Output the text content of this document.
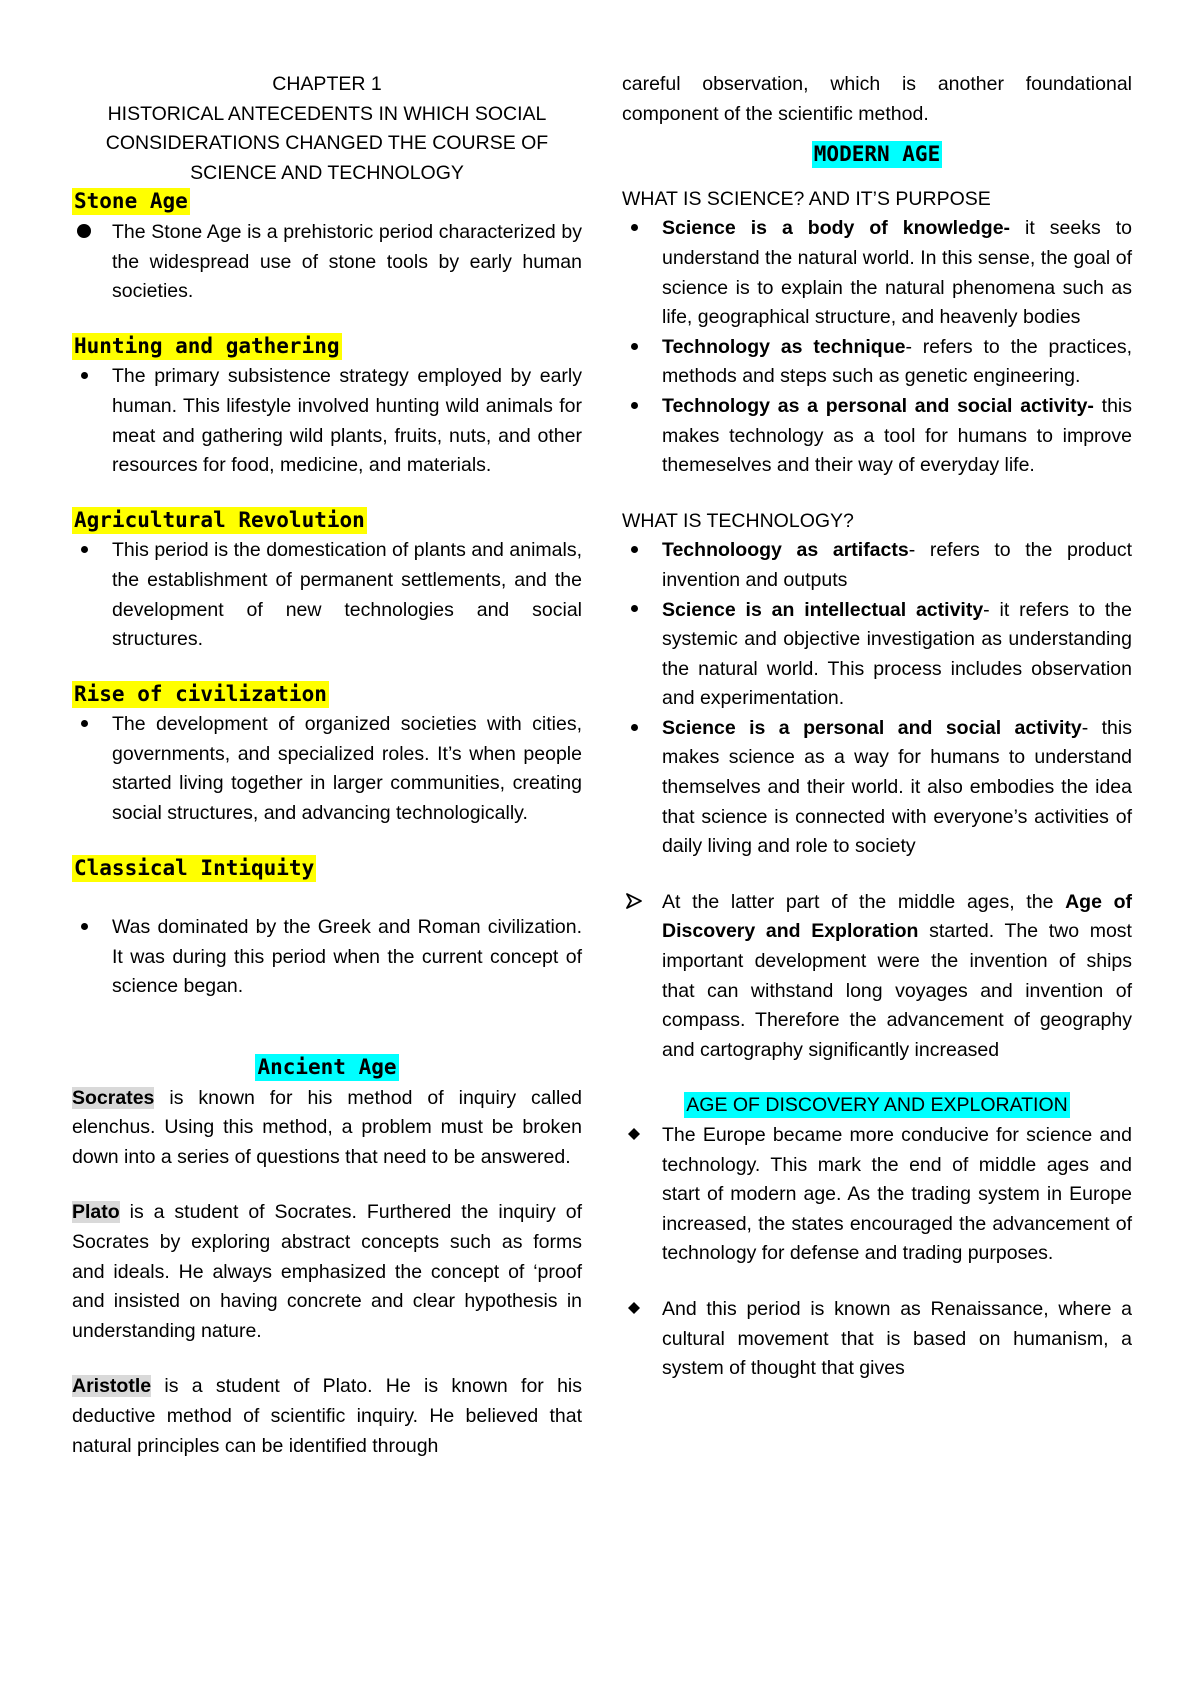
CHAPTER 1

HISTORICAL ANTECEDENTS IN WHICH SOCIAL CONSIDERATIONS CHANGED THE COURSE OF SCIENCE AND TECHNOLOGY

Stone Age

The Stone Age is a prehistoric period characterized by the widespread use of stone tools by early human societies.

Hunting and gathering

The primary subsistence strategy employed by early human. This lifestyle involved hunting wild animals for meat and gathering wild plants, fruits, nuts, and other resources for food, medicine, and materials.

Agricultural Revolution

This period is the domestication of plants and animals, the establishment of permanent settlements, and the development of new technologies and social structures.

Rise of civilization

The development of organized societies with cities, governments, and specialized roles. It’s when people started living together in larger communities, creating social structures, and advancing technologically.

Classical Intiquity

Was dominated by the Greek and Roman civilization. It was during this period when the current concept of science began.

Ancient Age

Socrates is known for his method of inquiry called elenchus. Using this method, a problem must be broken down into a series of questions that need to be answered.

Plato is a student of Socrates. Furthered the inquiry of Socrates by exploring abstract concepts such as forms and ideals. He always emphasized the concept of ‘proof and insisted on having concrete and clear hypothesis in understanding nature.

Aristotle is a student of Plato. He is known for his deductive method of scientific inquiry. He believed that natural principles can be identified through

careful observation, which is another foundational component of the scientific method.

MODERN AGE

WHAT IS SCIENCE? AND IT’S PURPOSE

Science is a body of knowledge- it seeks to understand the natural world. In this sense, the goal of science is to explain the natural phenomena such as life, geographical structure, and heavenly bodies
Technology as technique- refers to the practices, methods and steps such as genetic engineering.
Technology as a personal and social activity- this makes technology as a tool for humans to improve themeselves and their way of everyday life.

WHAT IS TECHNOLOGY?

Technoloogy as artifacts- refers to the product invention and outputs
Science is an intellectual activity- it refers to the systemic and objective investigation as understanding the natural world. This process includes observation and experimentation.
Science is a personal and social activity- this makes science as a way for humans to understand themselves and their world. it also embodies the idea that science is connected with everyone’s activities of daily living and role to society
At the latter part of the middle ages, the Age of Discovery and Exploration started. The two most important development were the invention of ships that can withstand long voyages and invention of compass. Therefore the advancement of geography and cartography significantly increased

AGE OF DISCOVERY AND EXPLORATION

The Europe became more conducive for science and technology. This mark the end of middle ages and start of modern age. As the trading system in Europe increased, the states encouraged the advancement of technology for defense and trading purposes.
And this period is known as Renaissance, where a cultural movement that is based on humanism, a system of thought that gives
